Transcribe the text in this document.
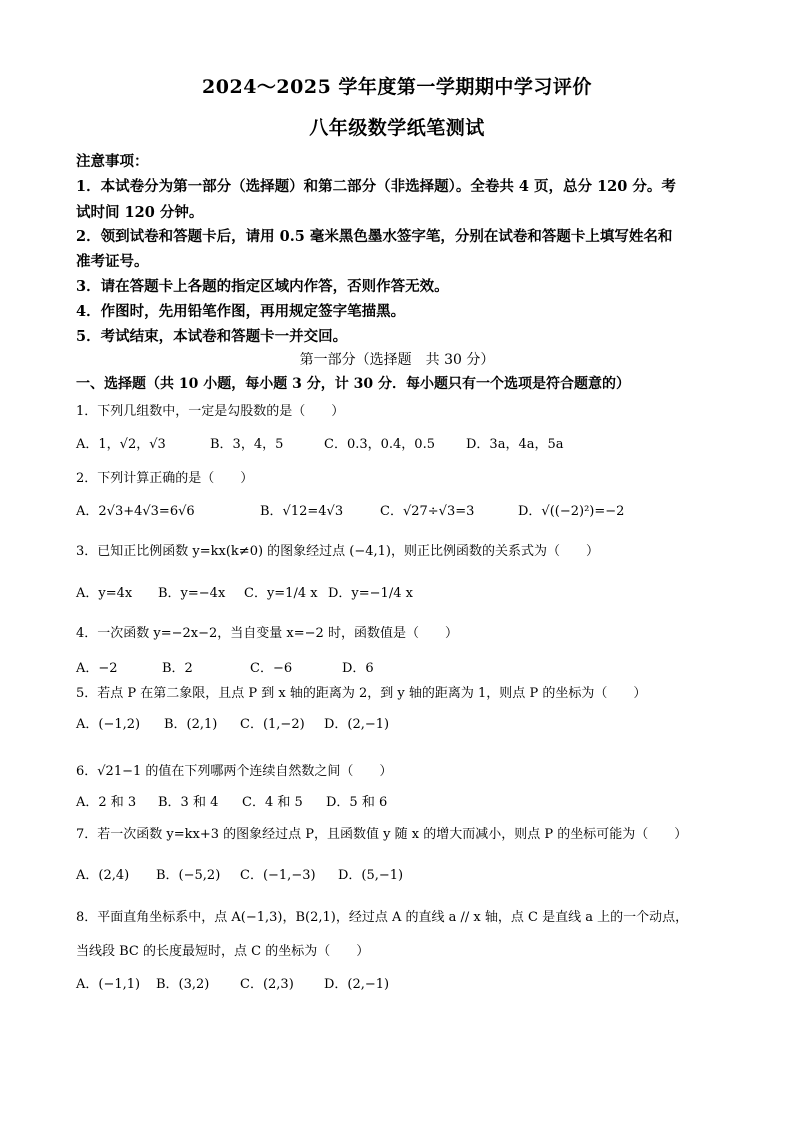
2024～2025 学年度第一学期期中学习评价
八年级数学纸笔测试
注意事项：
1．本试卷分为第一部分（选择题）和第二部分（非选择题）。全卷共 4 页，总分 120 分。考
试时间 120 分钟。
2．领到试卷和答题卡后，请用 0.5 毫米黑色墨水签字笔，分别在试卷和答题卡上填写姓名和
准考证号。
3．请在答题卡上各题的指定区域内作答，否则作答无效。
4．作图时，先用铅笔作图，再用规定签字笔描黑。
5．考试结束，本试卷和答题卡一并交回。
第一部分（选择题　共 30 分）
一、选择题（共 10 小题，每小题 3 分，计 30 分．每小题只有一个选项是符合题意的）
1．下列几组数中，一定是勾股数的是（　　）
A．1，√2，√3	B．3，4，5	C．0.3，0.4，0.5 D．3a，4a，5a
2．下列计算正确的是（　　）
A．2√3+4√3=6√6	B．√12=4√3	C．√27÷√3=3	D．√((−2)²)=−2
3．已知正比例函数 y=kx(k≠0) 的图象经过点 (−4,1)，则正比例函数的关系式为（　　）
A．y=4x B．y=−4x C．y=1/4 x D．y=−1/4 x
4．一次函数 y=−2x−2，当自变量 x=−2 时，函数值是（　　）
A．−2	B．2	C．−6	D．6
5．若点 P 在第二象限，且点 P 到 x 轴的距离为 2，到 y 轴的距离为 1，则点 P 的坐标为（　　）
A．(−1,2) B．(2,1) C．(1,−2) D．(2,−1)
6．√21−1 的值在下列哪两个连续自然数之间（　　）
A．2 和 3 B．3 和 4 C．4 和 5 D．5 和 6
7．若一次函数 y=kx+3 的图象经过点 P，且函数值 y 随 x 的增大而减小，则点 P 的坐标可能为（　　）
A．(2,4) B．(−5,2) C．(−1,−3) D．(5,−1)
8．平面直角坐标系中，点 A(−1,3)，B(2,1)，经过点 A 的直线 a // x 轴，点 C 是直线 a 上的一个动点，
当线段 BC 的长度最短时，点 C 的坐标为（　　）
A．(−1,1) B．(3,2) C．(2,3) D．(2,−1)
